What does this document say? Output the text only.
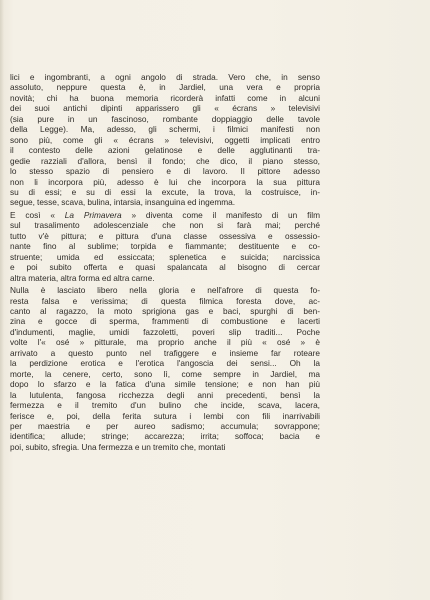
lici e ingombranti, a ogni angolo di strada. Vero che, in senso
assoluto, neppure questa è, in Jardiel, una vera e propria
novità; chi ha buona memoria ricorderà infatti come in alcuni
dei suoi antichi dipinti apparissero gli « écrans » televisivi
(sia pure in un fascinoso, rombante doppiaggio delle tavole
della Legge). Ma, adesso, gli schermi, i filmici manifesti non
sono più, come gli « écrans » televisivi, oggetti implicati entro
il contesto delle azioni gelatinose e delle agglutinanti tra-
gedie razziali d'allora, bensì il fondo; che dico, il piano stesso,
lo stesso spazio di pensiero e di lavoro. Il pittore adesso
non li incorpora più, adesso è lui che incorpora la sua pittura
su di essi; e su di essi la excute, la trova, la costruisce, in-
segue, tesse, scava, bulina, intarsia, insanguina ed ingemma.

E così « La Primavera » diventa come il manifesto di un film
sul trasalimento adolescenziale che non si farà mai; perché
tutto v'è pittura; e pittura d'una classe ossessiva e ossessio-
nante fino al sublime; torpida e fiammante; destituente e co-
struente; umida ed essiccata; splenetica e suicida; narcissica
e poi subito offerta e quasi spalancata al bisogno di cercar
altra materia, altra forma ed altra carne.

Nulla è lasciato libero nella gloria e nell'afrore di questa fo-
resta falsa e verissima; di questa filmica foresta dove, ac-
canto al ragazzo, la moto sprigiona gas e baci, spurghi di ben-
zina e gocce di sperma, frammenti di combustione e lacerti
d'indumenti, maglie, umidi fazzoletti, poveri slip traditi... Poche
volte l'« osé » pitturale, ma proprio anche il più « osé » è
arrivato a questo punto nel trafiggere e insieme far roteare
la perdizione erotica e l'erotica l'angoscia dei sensi... Oh la
morte, la cenere, certo, sono lì, come sempre in Jardiel, ma
dopo lo sfarzo e la fatica d'una simile tensione; e non han più
la lutulenta, fangosa ricchezza degli anni precedenti, bensì la
fermezza e il tremito d'un bulino che incide, scava, lacera,
ferisce e, poi, della ferita sutura i lembi con fili inarrivabili
per maestria e per aureo sadismo; accumula; sovrappone;
identifica; allude; stringe; accarezza; irrita; soffoca; bacia e
poi, subito, sfregia. Una fermezza e un tremito che, montati
